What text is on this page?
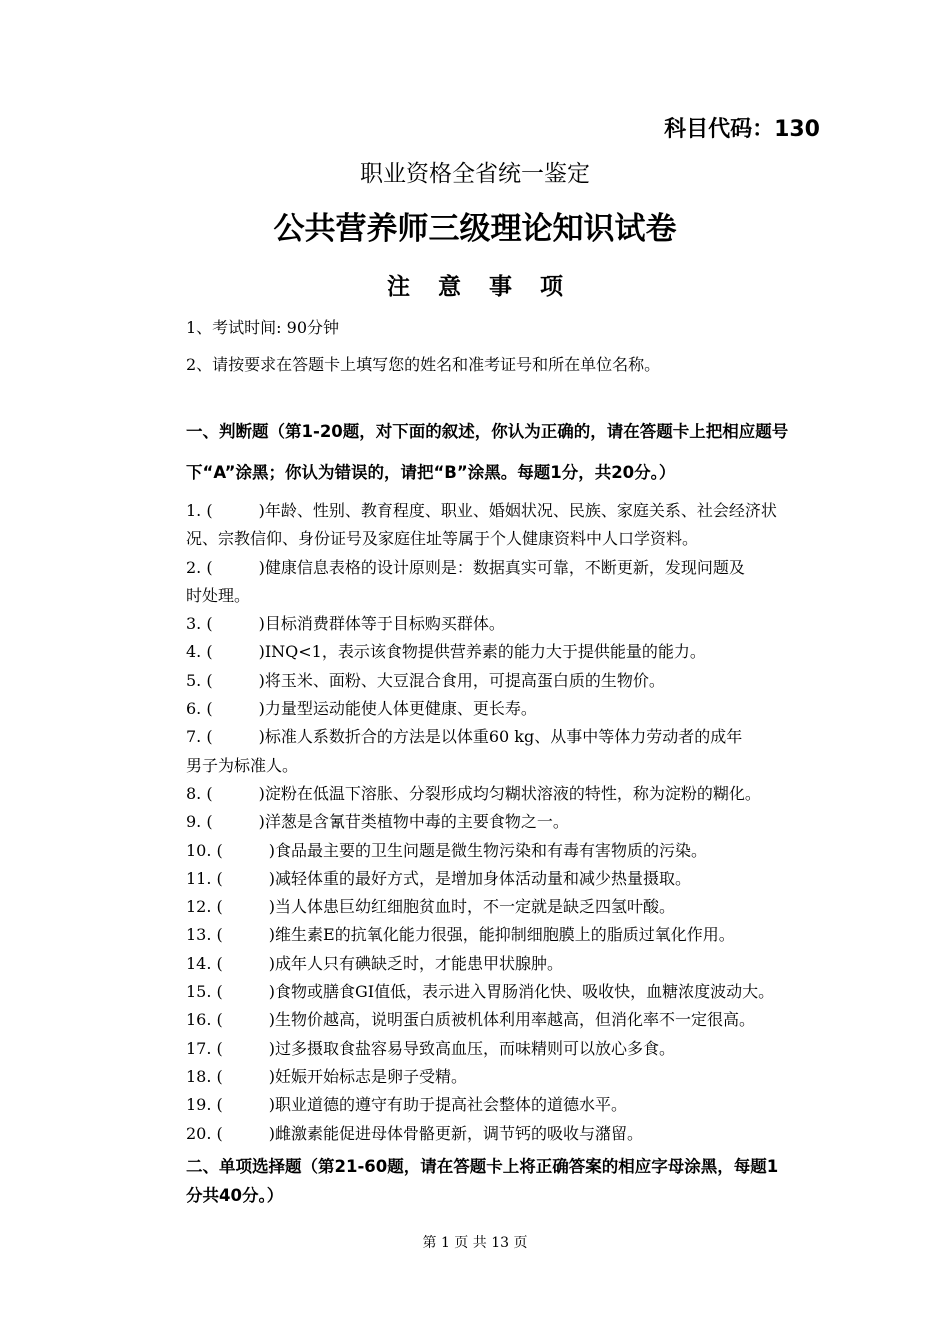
科目代码：130
职业资格全省统一鉴定
公共营养师三级理论知识试卷
注意事项
1、考试时间: 90分钟
2、请按要求在答题卡上填写您的姓名和准考证号和所在单位名称。
一、判断题（第1-20题，对下面的叙述，你认为正确的，请在答题卡上把相应题号
下“A”涂黑；你认为错误的，请把“B”涂黑。每题1分，共20分。）
1. (	)年龄、性别、教育程度、职业、婚姻状况、民族、家庭关系、社会经济状
况、宗教信仰、身份证号及家庭住址等属于个人健康资料中人口学资料。
2. (	)健康信息表格的设计原则是：数据真实可靠，不断更新，发现问题及
时处理。
3. (	)目标消费群体等于目标购买群体。
4. (	)INQ<1，表示该食物提供营养素的能力大于提供能量的能力。
5. (	)将玉米、面粉、大豆混合食用，可提高蛋白质的生物价。
6. (	)力量型运动能使人体更健康、更长寿。
7. (	)标准人系数折合的方法是以体重60 kg、从事中等体力劳动者的成年
男子为标准人。
8. (	)淀粉在低温下溶胀、分裂形成均匀糊状溶液的特性，称为淀粉的糊化。
9. (	)洋葱是含氰苷类植物中毒的主要食物之一。
10. (	)食品最主要的卫生问题是微生物污染和有毒有害物质的污染。
11. (	)减轻体重的最好方式，是增加身体活动量和减少热量摄取。
12. (	)当人体患巨幼红细胞贫血时，不一定就是缺乏四氢叶酸。
13. (	)维生素E的抗氧化能力很强，能抑制细胞膜上的脂质过氧化作用。
14. (	)成年人只有碘缺乏时，才能患甲状腺肿。
15. (	)食物或膳食GI值低，表示进入胃肠消化快、吸收快，血糖浓度波动大。
16. (	)生物价越高，说明蛋白质被机体利用率越高，但消化率不一定很高。
17. (	)过多摄取食盐容易导致高血压，而味精则可以放心多食。
18. (	)妊娠开始标志是卵子受精。
19. (	)职业道德的遵守有助于提高社会整体的道德水平。
20. (	)雌激素能促进母体骨骼更新，调节钙的吸收与潴留。
二、单项选择题（第21-60题，请在答题卡上将正确答案的相应字母涂黑，每题1
分共40分。）
第 1 页 共 13 页
